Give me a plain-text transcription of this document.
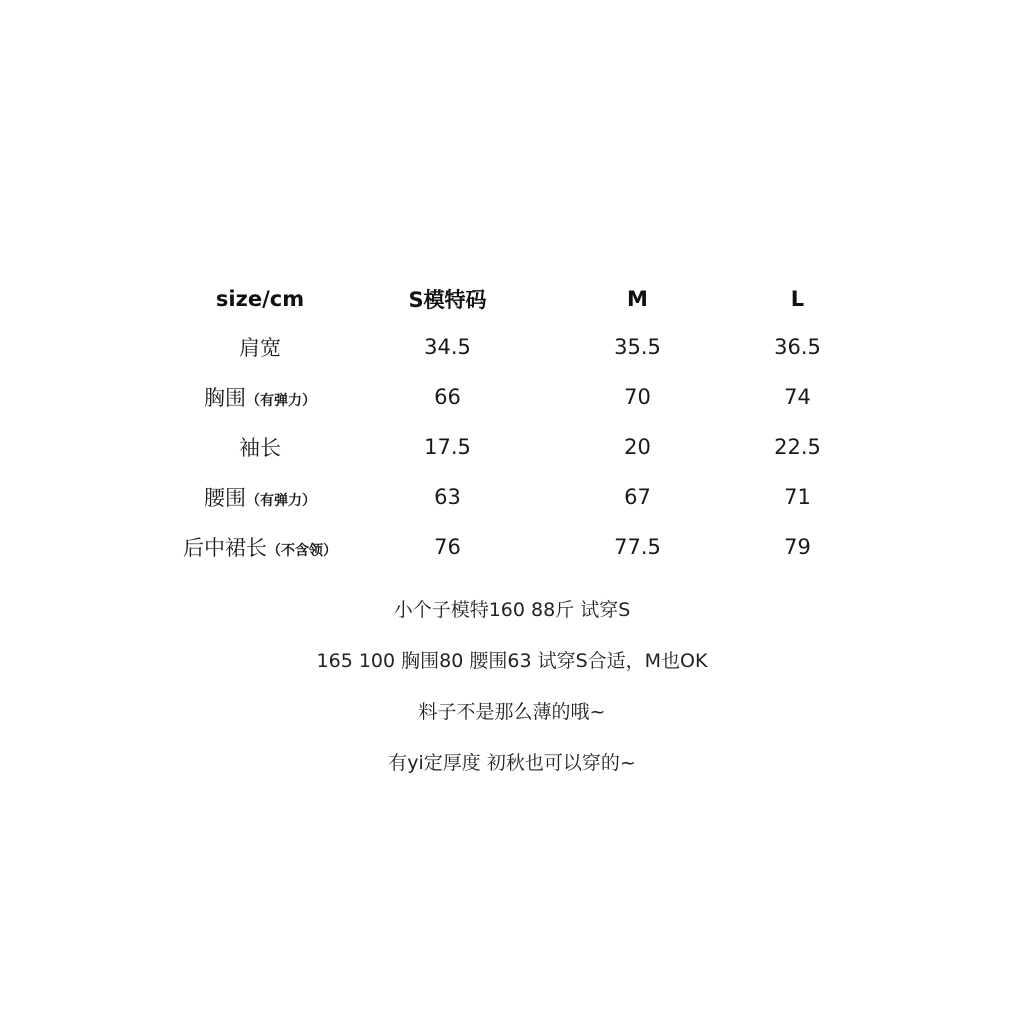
size/cm	S模特码	M	L
肩宽	34.5	35.5	36.5
胸围（有弹力）	66	70	74
袖长	17.5	20	22.5
腰围（有弹力）	63	67	71
后中裙长（不含领）	76	77.5	79
小个子模特160 88斤 试穿S
165 100 胸围80 腰围63 试穿S合适，M也OK
料子不是那么薄的哦~
有yi定厚度 初秋也可以穿的~
